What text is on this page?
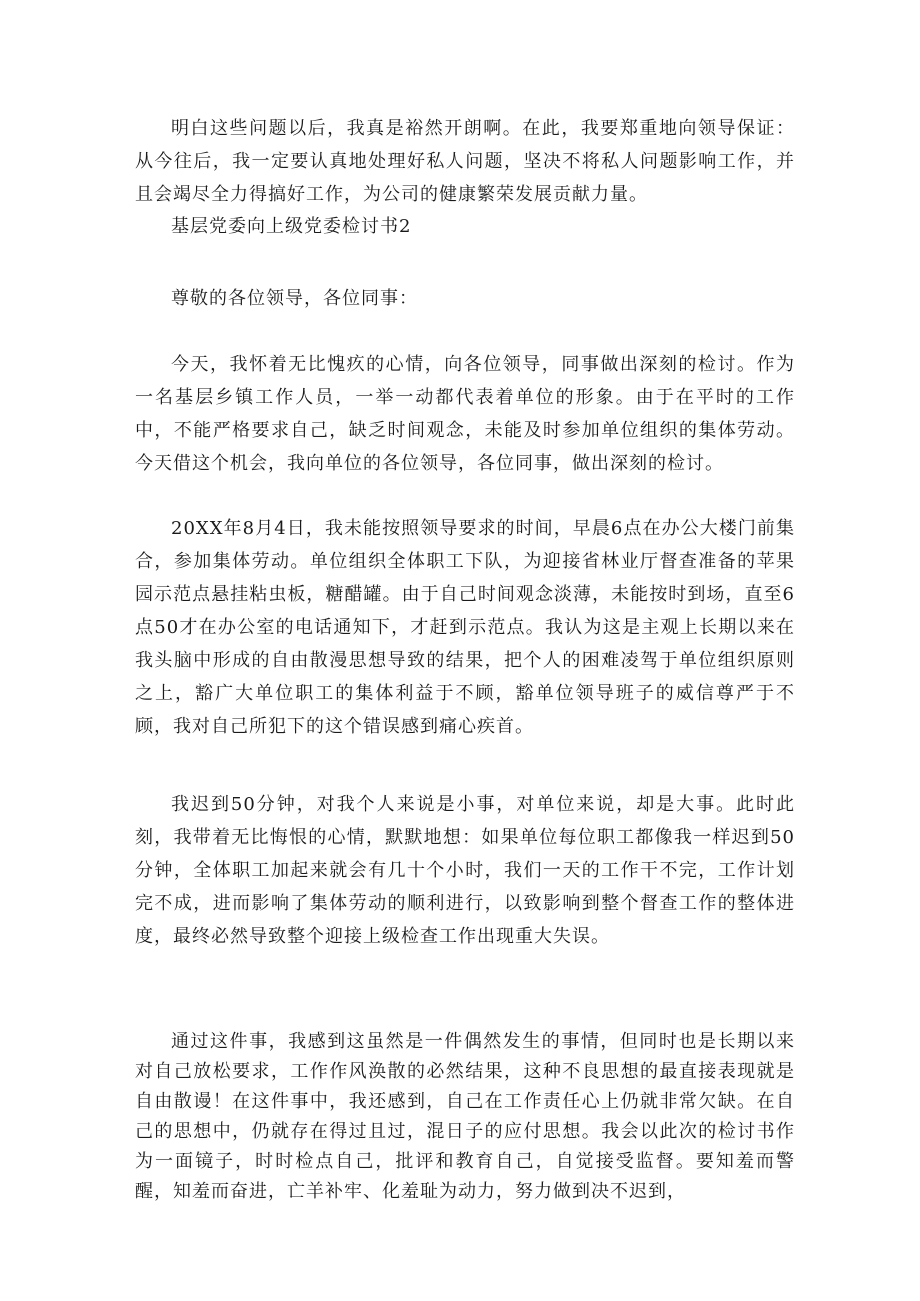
明白这些问题以后，我真是裕然开朗啊。在此，我要郑重地向领导保证：从今往后，我一定要认真地处理好私人问题，坚决不将私人问题影响工作，并且会竭尽全力得搞好工作，为公司的健康繁荣发展贡献力量。

基层党委向上级党委检讨书2

尊敬的各位领导，各位同事：

今天，我怀着无比愧疚的心情，向各位领导，同事做出深刻的检讨。作为一名基层乡镇工作人员，一举一动都代表着单位的形象。由于在平时的工作中，不能严格要求自己，缺乏时间观念，未能及时参加单位组织的集体劳动。今天借这个机会，我向单位的各位领导，各位同事，做出深刻的检讨。

20XX年8月4日，我未能按照领导要求的时间，早晨6点在办公大楼门前集合，参加集体劳动。单位组织全体职工下队，为迎接省林业厅督查准备的苹果园示范点悬挂粘虫板，糖醋罐。由于自己时间观念淡薄，未能按时到场，直至6点50才在办公室的电话通知下，才赶到示范点。我认为这是主观上长期以来在我头脑中形成的自由散漫思想导致的结果，把个人的困难凌驾于单位组织原则之上，豁广大单位职工的集体利益于不顾，豁单位领导班子的威信尊严于不顾，我对自己所犯下的这个错误感到痛心疾首。

我迟到50分钟，对我个人来说是小事，对单位来说，却是大事。此时此刻，我带着无比悔恨的心情，默默地想：如果单位每位职工都像我一样迟到50分钟，全体职工加起来就会有几十个小时，我们一天的工作干不完，工作计划完不成，进而影响了集体劳动的顺利进行，以致影响到整个督查工作的整体进度，最终必然导致整个迎接上级检查工作出现重大失误。

通过这件事，我感到这虽然是一件偶然发生的事情，但同时也是长期以来对自己放松要求，工作作风涣散的必然结果，这种不良思想的最直接表现就是自由散谩！在这件事中，我还感到，自己在工作责任心上仍就非常欠缺。在自己的思想中，仍就存在得过且过，混日子的应付思想。我会以此次的检讨书作为一面镜子，时时检点自己，批评和教育自己，自觉接受监督。要知羞而警醒，知羞而奋进，亡羊补牢、化羞耻为动力，努力做到决不迟到，
